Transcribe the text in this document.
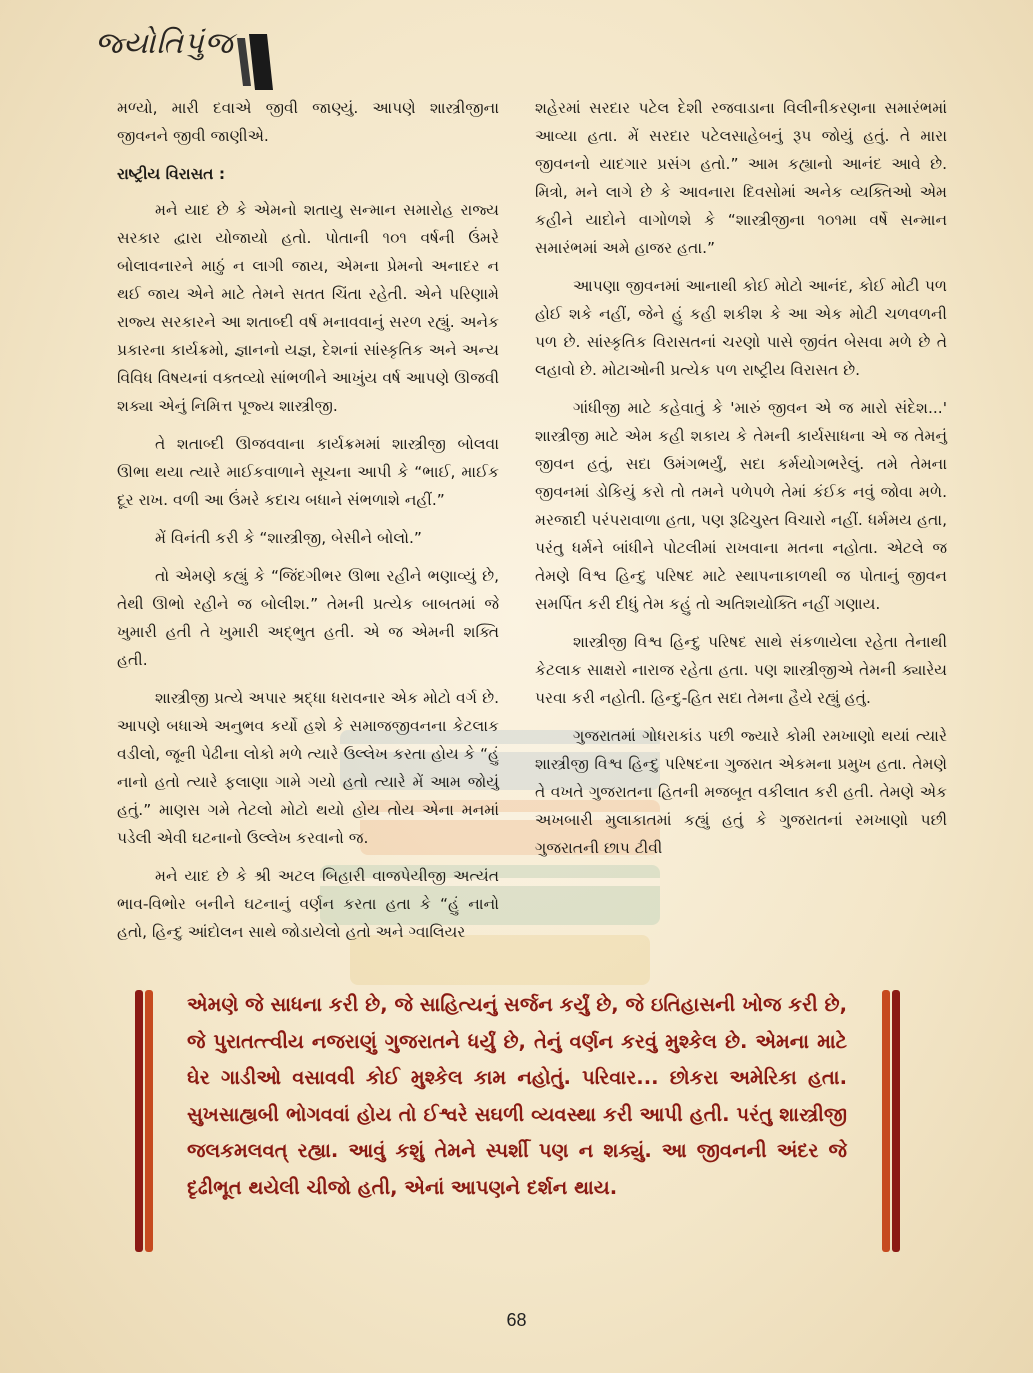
જ્યોતિપુંજ

મળ્યો, મારી દવાએ જીવી જાણ્યું. આપણે શાસ્ત્રીજીના જીવનને જીવી જાણીએ.

રાષ્ટ્રીય વિરાસત :

મને યાદ છે કે એમનો શતાયુ સન્માન સમારોહ રાજ્ય સરકાર દ્વારા યોજાયો હતો. પોતાની ૧૦૧ વર્ષની ઉંમરે બોલાવનારને માઠું ન લાગી જાય, એમના પ્રેમનો અનાદર ન થઈ જાય એને માટે તેમને સતત ચિંતા રહેતી. એને પરિણામે રાજ્ય સરકારને આ શતાબ્દી વર્ષ મનાવવાનું સરળ રહ્યું. અનેક પ્રકારના કાર્યક્રમો, જ્ઞાનનો યજ્ઞ, દેશનાં સાંસ્કૃતિક અને અન્ય વિવિધ વિષયનાં વક્તવ્યો સાંભળીને આખુંય વર્ષ આપણે ઊજવી શક્યા એનું નિમિત્ત પૂજ્ય શાસ્ત્રીજી.

તે શતાબ્દી ઊજવવાના કાર્યક્રમમાં શાસ્ત્રીજી બોલવા ઊભા થયા ત્યારે માઈકવાળાને સૂચના આપી કે “ભાઈ, માઈક દૂર રાખ. વળી આ ઉંમરે કદાચ બધાને સંભળાશે નહીં.”

મેં વિનંતી કરી કે “શાસ્ત્રીજી, બેસીને બોલો.”

તો એમણે કહ્યું કે “જિંદગીભર ઊભા રહીને ભણાવ્યું છે, તેથી ઊભો રહીને જ બોલીશ.” તેમની પ્રત્યેક બાબતમાં જે ખુમારી હતી તે ખુમારી અદ્‌ભુત હતી. એ જ એમની શક્તિ હતી.

શાસ્ત્રીજી પ્રત્યે અપાર શ્રદ્ધા ધરાવનાર એક મોટો વર્ગ છે. આપણે બધાએ અનુભવ કર્યો હશે કે સમાજજીવનના કેટલાક વડીલો, જૂની પેઢીના લોકો મળે ત્યારે ઉલ્લેખ કરતા હોય કે “હું નાનો હતો ત્યારે ફલાણા ગામે ગયો હતો ત્યારે મેં આમ જોયું હતું.” માણસ ગમે તેટલો મોટો થયો હોય તોય એના મનમાં પડેલી એવી ઘટનાનો ઉલ્લેખ કરવાનો જ.

મને યાદ છે કે શ્રી અટલ બિહારી વાજપેયીજી અત્યંત ભાવ-વિભોર બનીને ઘટનાનું વર્ણન કરતા હતા કે “હું નાનો હતો, હિન્દુ આંદોલન સાથે જોડાયેલો હતો અને ગ્વાલિયર

શહેરમાં સરદાર પટેલ દેશી રજવાડાના વિલીનીકરણના સમારંભમાં આવ્યા હતા. મેં સરદાર પટેલસાહેબનું રૂપ જોયું હતું. તે મારા જીવનનો યાદગાર પ્રસંગ હતો.” આમ કહ્યાનો આનંદ આવે છે. મિત્રો, મને લાગે છે કે આવનારા દિવસોમાં અનેક વ્યક્તિઓ એમ કહીને યાદોને વાગોળશે કે “શાસ્ત્રીજીના ૧૦૧મા વર્ષે સન્માન સમારંભમાં અમે હાજર હતા.”

આપણા જીવનમાં આનાથી કોઈ મોટો આનંદ, કોઈ મોટી પળ હોઈ શકે નહીં, જેને હું કહી શકીશ કે આ એક મોટી ચળવળની પળ છે. સાંસ્કૃતિક વિરાસતનાં ચરણો પાસે જીવંત બેસવા મળે છે તે લહાવો છે. મોટાઓની પ્રત્યેક પળ રાષ્ટ્રીય વિરાસત છે.

ગાંધીજી માટે કહેવાતું કે 'મારું જીવન એ જ મારો સંદેશ...' શાસ્ત્રીજી માટે એમ કહી શકાય કે તેમની કાર્યસાધના એ જ તેમનું જીવન હતું, સદા ઉમંગભર્યું, સદા કર્મયોગભરેલું. તમે તેમના જીવનમાં ડોકિયું કરો તો તમને પળેપળે તેમાં કંઈક નવું જોવા મળે. મરજાદી પરંપરાવાળા હતા, પણ રૂઢિચુસ્ત વિચારો નહીં. ધર્મમય હતા, પરંતુ ધર્મને બાંધીને પોટલીમાં રાખવાના મતના નહોતા. એટલે જ તેમણે વિશ્વ હિન્દુ પરિષદ માટે સ્થાપનાકાળથી જ પોતાનું જીવન સમર્પિત કરી દીધું તેમ કહું તો અતિશયોક્તિ નહીં ગણાય.

શાસ્ત્રીજી વિશ્વ હિન્દુ પરિષદ સાથે સંકળાયેલા રહેતા તેનાથી કેટલાક સાક્ષરો નારાજ રહેતા હતા. પણ શાસ્ત્રીજીએ તેમની ક્યારેય પરવા કરી નહોતી. હિન્દુ-હિત સદા તેમના હૈયે રહ્યું હતું.

ગુજરાતમાં ગોધરાકાંડ પછી જ્યારે કોમી રમખાણો થયાં ત્યારે શાસ્ત્રીજી વિશ્વ હિન્દુ પરિષદના ગુજરાત એકમના પ્રમુખ હતા. તેમણે તે વખતે ગુજરાતના હિતની મજબૂત વકીલાત કરી હતી. તેમણે એક અખબારી મુલાકાતમાં કહ્યું હતું કે ગુજરાતનાં રમખાણો પછી ગુજરાતની છાપ ટીવી

એમણે જે સાધના કરી છે, જે સાહિત્યનું સર્જન કર્યું છે, જે ઇતિહાસની ખોજ કરી છે, જે પુરાતત્ત્વીય નજરાણું ગુજરાતને ધર્યું છે, તેનું વર્ણન કરવું મુશ્કેલ છે. એમના માટે ઘેર ગાડીઓ વસાવવી કોઈ મુશ્કેલ કામ નહોતું. પરિવાર... છોકરા અમેરિકા હતા. સુખસાહ્યબી ભોગવવાં હોય તો ઈશ્વરે સઘળી વ્યવસ્થા કરી આપી હતી. પરંતુ શાસ્ત્રીજી જલકમલવત્ રહ્યા. આવું કશું તેમને સ્પર્શી પણ ન શક્યું. આ જીવનની અંદર જે દૃઢીભૂત થયેલી ચીજો હતી, એનાં આપણને દર્શન થાય.
68
